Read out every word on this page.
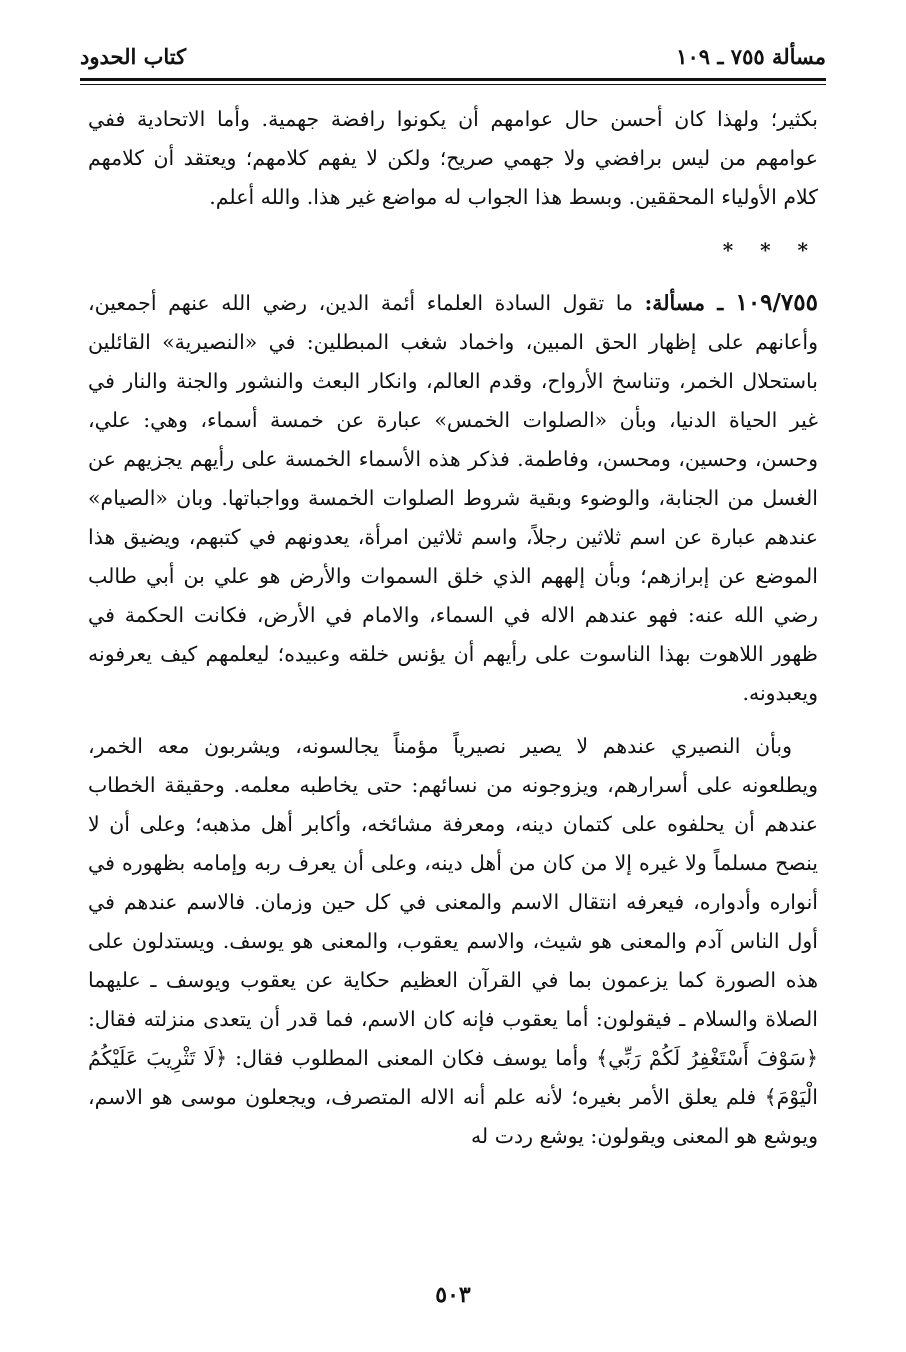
مسألة ٧٥٥ ـ ١٠٩
كتاب الحدود

بكثير؛ ولهذا كان أحسن حال عوامهم أن يكونوا رافضة جهمية. وأما الاتحادية ففي عوامهم من ليس برافضي ولا جهمي صريح؛ ولكن لا يفهم كلامهم؛ ويعتقد أن كلامهم كلام الأولياء المحققين. وبسط هذا الجواب له مواضع غير هذا. والله أعلم.

* * *

١٠٩/٧٥٥ ـ مسألة: ما تقول السادة العلماء أئمة الدين، رضي الله عنهم أجمعين، وأعانهم على إظهار الحق المبين، واخماد شغب المبطلين: في «النصيرية» القائلين باستحلال الخمر، وتناسخ الأرواح، وقدم العالم، وانكار البعث والنشور والجنة والنار في غير الحياة الدنيا، وبأن «الصلوات الخمس» عبارة عن خمسة أسماء، وهي: علي، وحسن، وحسين، ومحسن، وفاطمة. فذكر هذه الأسماء الخمسة على رأيهم يجزيهم عن الغسل من الجنابة، والوضوء وبقية شروط الصلوات الخمسة وواجباتها. وبان «الصيام» عندهم عبارة عن اسم ثلاثين رجلاً، واسم ثلاثين امرأة، يعدونهم في كتبهم، ويضيق هذا الموضع عن إبرازهم؛ وبأن إلههم الذي خلق السموات والأرض هو علي بن أبي طالب رضي الله عنه: فهو عندهم الاله في السماء، والامام في الأرض، فكانت الحكمة في ظهور اللاهوت بهذا الناسوت على رأيهم أن يؤنس خلقه وعبيده؛ ليعلمهم كيف يعرفونه ويعبدونه.

وبأن النصيري عندهم لا يصير نصيرياً مؤمناً يجالسونه، ويشربون معه الخمر، ويطلعونه على أسرارهم، ويزوجونه من نسائهم: حتى يخاطبه معلمه. وحقيقة الخطاب عندهم أن يحلفوه على كتمان دينه، ومعرفة مشائخه، وأكابر أهل مذهبه؛ وعلى أن لا ينصح مسلماً ولا غيره إلا من كان من أهل دينه، وعلى أن يعرف ربه وإمامه بظهوره في أنواره وأدواره، فيعرفه انتقال الاسم والمعنى في كل حين وزمان. فالاسم عندهم في أول الناس آدم والمعنى هو شيث، والاسم يعقوب، والمعنى هو يوسف. ويستدلون على هذه الصورة كما يزعمون بما في القرآن العظيم حكاية عن يعقوب ويوسف ـ عليهما الصلاة والسلام ـ فيقولون: أما يعقوب فإنه كان الاسم، فما قدر أن يتعدى منزلته فقال: ﴿سَوْفَ أَسْتَغْفِرُ لَكُمْ رَبِّي﴾ وأما يوسف فكان المعنى المطلوب فقال: ﴿لَا تَثْرِيبَ عَلَيْكُمُ الْيَوْمَ﴾ فلم يعلق الأمر بغيره؛ لأنه علم أنه الاله المتصرف، ويجعلون موسى هو الاسم، ويوشع هو المعنى ويقولون: يوشع ردت له

٥٠٣
